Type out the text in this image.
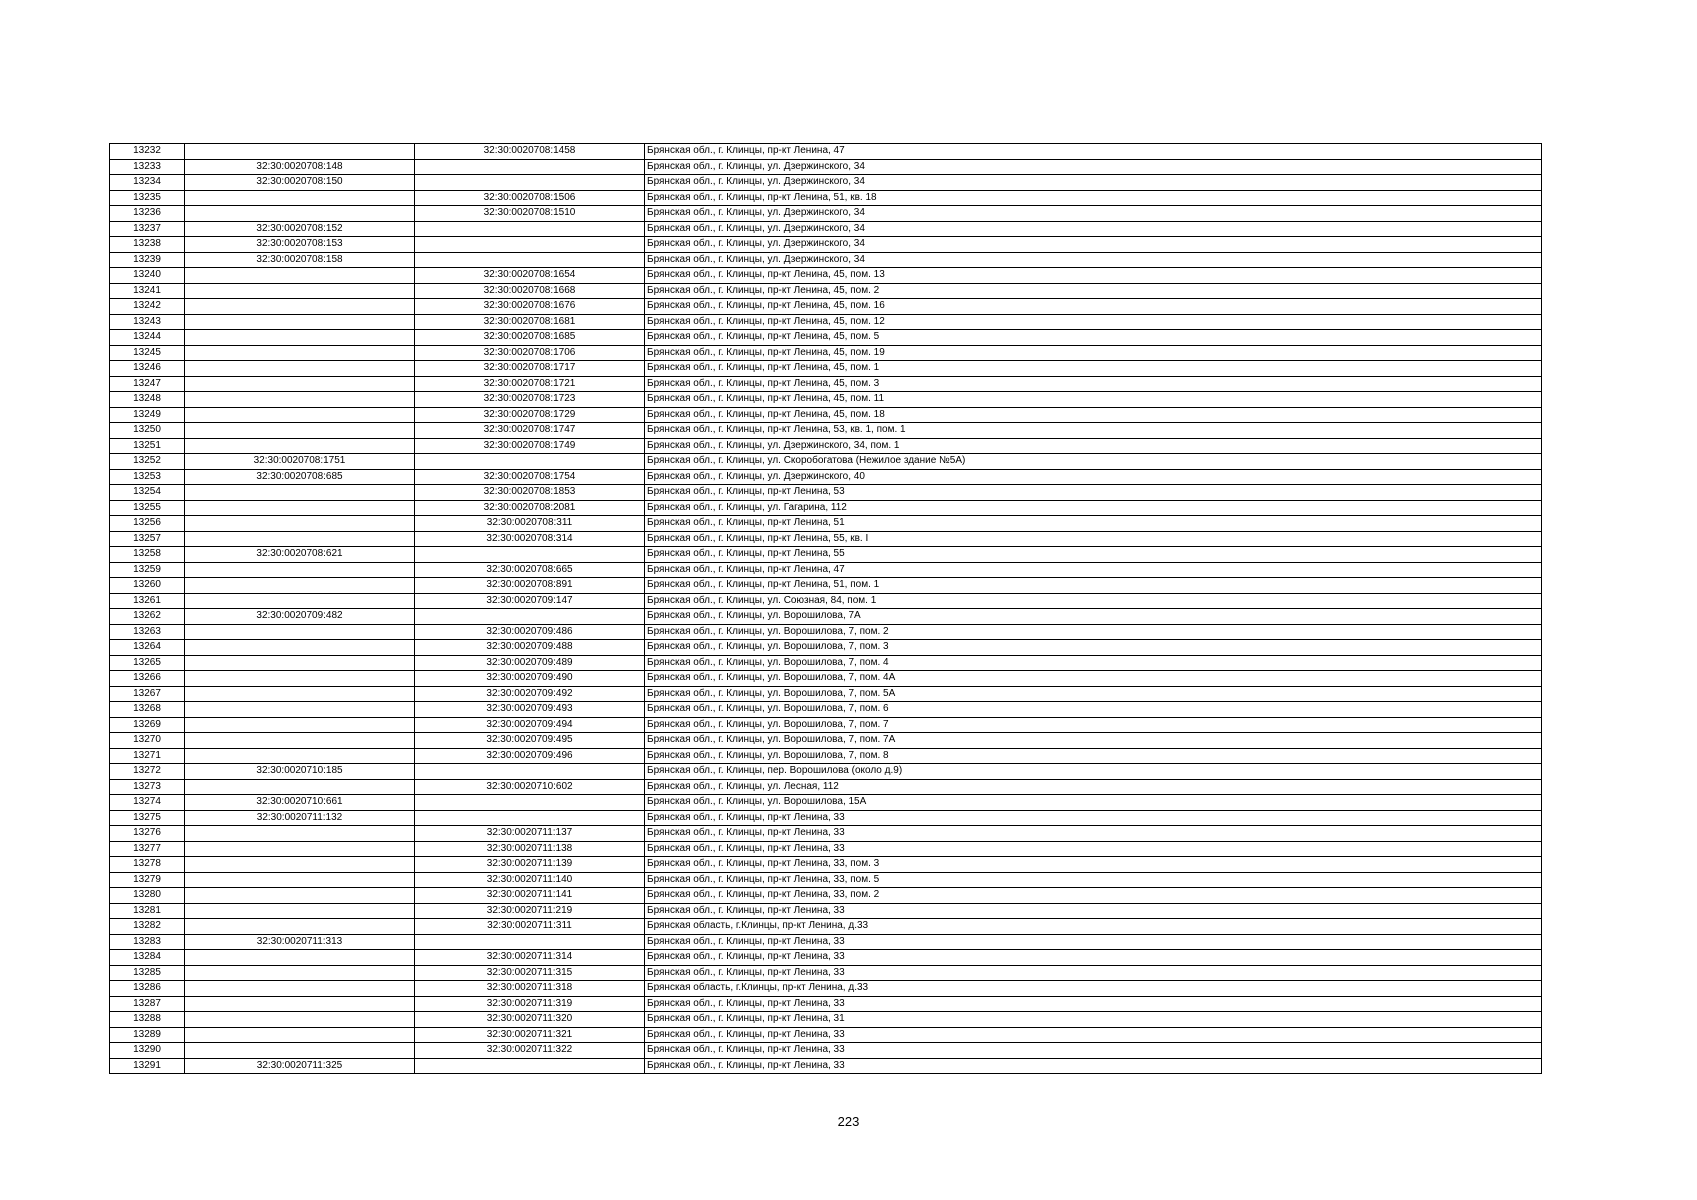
13232		32:30:0020708:1458	Брянская обл., г. Клинцы, пр-кт Ленина, 47
13233	32:30:0020708:148		Брянская обл., г. Клинцы, ул. Дзержинского, 34
13234	32:30:0020708:150		Брянская обл., г. Клинцы, ул. Дзержинского, 34
13235		32:30:0020708:1506	Брянская обл., г. Клинцы, пр-кт Ленина, 51, кв. 18
13236		32:30:0020708:1510	Брянская обл., г. Клинцы, ул. Дзержинского, 34
13237	32:30:0020708:152		Брянская обл., г. Клинцы, ул. Дзержинского, 34
13238	32:30:0020708:153		Брянская обл., г. Клинцы, ул. Дзержинского, 34
13239	32:30:0020708:158		Брянская обл., г. Клинцы, ул. Дзержинского, 34
13240		32:30:0020708:1654	Брянская обл., г. Клинцы, пр-кт Ленина, 45, пом. 13
13241		32:30:0020708:1668	Брянская обл., г. Клинцы, пр-кт Ленина, 45, пом. 2
13242		32:30:0020708:1676	Брянская обл., г. Клинцы, пр-кт Ленина, 45, пом. 16
13243		32:30:0020708:1681	Брянская обл., г. Клинцы, пр-кт Ленина, 45, пом. 12
13244		32:30:0020708:1685	Брянская обл., г. Клинцы, пр-кт Ленина, 45, пом. 5
13245		32:30:0020708:1706	Брянская обл., г. Клинцы, пр-кт Ленина, 45, пом. 19
13246		32:30:0020708:1717	Брянская обл., г. Клинцы, пр-кт Ленина, 45, пом. 1
13247		32:30:0020708:1721	Брянская обл., г. Клинцы, пр-кт Ленина, 45, пом. 3
13248		32:30:0020708:1723	Брянская обл., г. Клинцы, пр-кт Ленина, 45, пом. 11
13249		32:30:0020708:1729	Брянская обл., г. Клинцы, пр-кт Ленина, 45, пом. 18
13250		32:30:0020708:1747	Брянская обл., г. Клинцы, пр-кт Ленина, 53, кв. 1, пом. 1
13251		32:30:0020708:1749	Брянская обл., г. Клинцы, ул. Дзержинского, 34, пом. 1
13252	32:30:0020708:1751		Брянская обл., г. Клинцы, ул. Скоробогатова (Нежилое здание №5А)
13253	32:30:0020708:685	32:30:0020708:1754	Брянская обл., г. Клинцы, ул. Дзержинского, 40
13254		32:30:0020708:1853	Брянская обл., г. Клинцы, пр-кт Ленина, 53
13255		32:30:0020708:2081	Брянская обл., г. Клинцы, ул. Гагарина, 112
13256		32:30:0020708:311	Брянская обл., г. Клинцы, пр-кт Ленина, 51
13257		32:30:0020708:314	Брянская обл., г. Клинцы, пр-кт Ленина, 55, кв. I
13258	32:30:0020708:621		Брянская обл., г. Клинцы, пр-кт Ленина, 55
13259		32:30:0020708:665	Брянская обл., г. Клинцы, пр-кт Ленина, 47
13260		32:30:0020708:891	Брянская обл., г. Клинцы, пр-кт Ленина, 51, пом. 1
13261		32:30:0020709:147	Брянская обл., г. Клинцы, ул. Союзная, 84, пом. 1
13262	32:30:0020709:482		Брянская обл., г. Клинцы, ул. Ворошилова, 7А
13263		32:30:0020709:486	Брянская обл., г. Клинцы, ул. Ворошилова, 7, пом. 2
13264		32:30:0020709:488	Брянская обл., г. Клинцы, ул. Ворошилова, 7, пом. 3
13265		32:30:0020709:489	Брянская обл., г. Клинцы, ул. Ворошилова, 7, пом. 4
13266		32:30:0020709:490	Брянская обл., г. Клинцы, ул. Ворошилова, 7, пом. 4А
13267		32:30:0020709:492	Брянская обл., г. Клинцы, ул. Ворошилова, 7, пом. 5А
13268		32:30:0020709:493	Брянская обл., г. Клинцы, ул. Ворошилова, 7, пом. 6
13269		32:30:0020709:494	Брянская обл., г. Клинцы, ул. Ворошилова, 7, пом. 7
13270		32:30:0020709:495	Брянская обл., г. Клинцы, ул. Ворошилова, 7, пом. 7А
13271		32:30:0020709:496	Брянская обл., г. Клинцы, ул. Ворошилова, 7, пом. 8
13272	32:30:0020710:185		Брянская обл., г. Клинцы, пер. Ворошилова (около д.9)
13273		32:30:0020710:602	Брянская обл., г. Клинцы, ул. Лесная, 112
13274	32:30:0020710:661		Брянская обл., г. Клинцы, ул. Ворошилова, 15А
13275	32:30:0020711:132		Брянская обл., г. Клинцы, пр-кт Ленина, 33
13276		32:30:0020711:137	Брянская обл., г. Клинцы, пр-кт Ленина, 33
13277		32:30:0020711:138	Брянская обл., г. Клинцы, пр-кт Ленина, 33
13278		32:30:0020711:139	Брянская обл., г. Клинцы, пр-кт Ленина, 33, пом. 3
13279		32:30:0020711:140	Брянская обл., г. Клинцы, пр-кт Ленина, 33, пом. 5
13280		32:30:0020711:141	Брянская обл., г. Клинцы, пр-кт Ленина, 33, пом. 2
13281		32:30:0020711:219	Брянская обл., г. Клинцы, пр-кт Ленина, 33
13282		32:30:0020711:311	Брянская область, г.Клинцы, пр-кт Ленина, д.33
13283	32:30:0020711:313		Брянская обл., г. Клинцы, пр-кт Ленина, 33
13284		32:30:0020711:314	Брянская обл., г. Клинцы, пр-кт Ленина, 33
13285		32:30:0020711:315	Брянская обл., г. Клинцы, пр-кт Ленина, 33
13286		32:30:0020711:318	Брянская область, г.Клинцы, пр-кт Ленина, д.33
13287		32:30:0020711:319	Брянская обл., г. Клинцы, пр-кт Ленина, 33
13288		32:30:0020711:320	Брянская обл., г. Клинцы, пр-кт Ленина, 31
13289		32:30:0020711:321	Брянская обл., г. Клинцы, пр-кт Ленина, 33
13290		32:30:0020711:322	Брянская обл., г. Клинцы, пр-кт Ленина, 33
13291	32:30:0020711:325		Брянская обл., г. Клинцы, пр-кт Ленина, 33
223
